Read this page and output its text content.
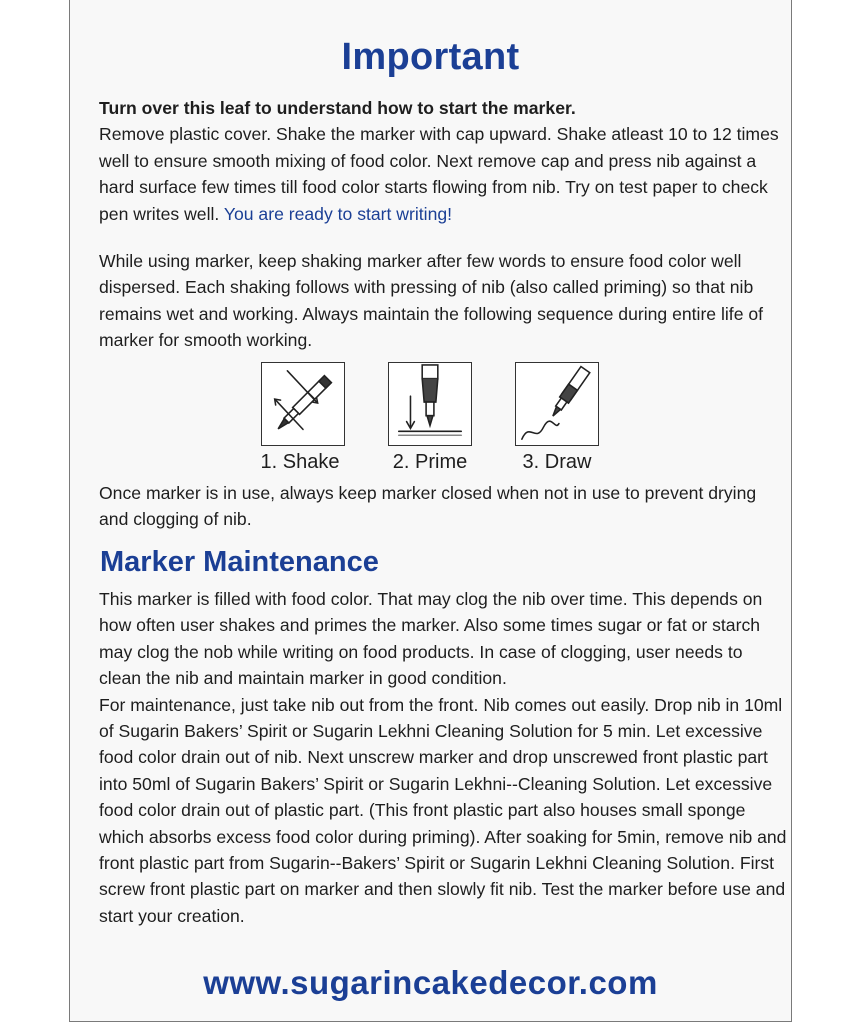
Important
Turn over this leaf to understand how to start the marker.
Remove plastic cover. Shake the marker with cap upward. Shake atleast 10 to 12 times well to ensure smooth mixing of food color. Next remove cap and press nib against a hard surface few times till food color starts flowing from nib. Try on test paper to check pen writes well. You are ready to start writing!
While using marker, keep shaking marker after few words to ensure food color well dispersed. Each shaking follows with pressing of nib (also called priming) so that nib remains wet and working. Always maintain the following sequence during entire life of marker for smooth working.
1. Shake	2. Prime	3. Draw
Once marker is in use, always keep marker closed when not in use to prevent drying and clogging of nib.
Marker Maintenance
This marker is filled with food color. That may clog the nib over time. This depends on how often user shakes and primes the marker. Also some times sugar or fat or starch may clog the nob while writing on food products. In case of clogging, user needs to clean the nib and maintain marker in good condition.
For maintenance, just take nib out from the front. Nib comes out easily. Drop nib in 10ml of Sugarin Bakers’ Spirit or Sugarin Lekhni Cleaning Solution for 5 min. Let excessive food color drain out of nib. Next unscrew marker and drop unscrewed front plastic part into 50ml of Sugarin Bakers’ Spirit or Sugarin Lekhni--Cleaning Solution. Let excessive food color drain out of plastic part. (This front plastic part also houses small sponge which absorbs excess food color during priming). After soaking for 5min, remove nib and front plastic part from Sugarin--Bakers’ Spirit or Sugarin Lekhni Cleaning Solution. First screw front plastic part on marker and then slowly fit nib. Test the marker before use and start your creation.
www.sugarincakedecor.com
